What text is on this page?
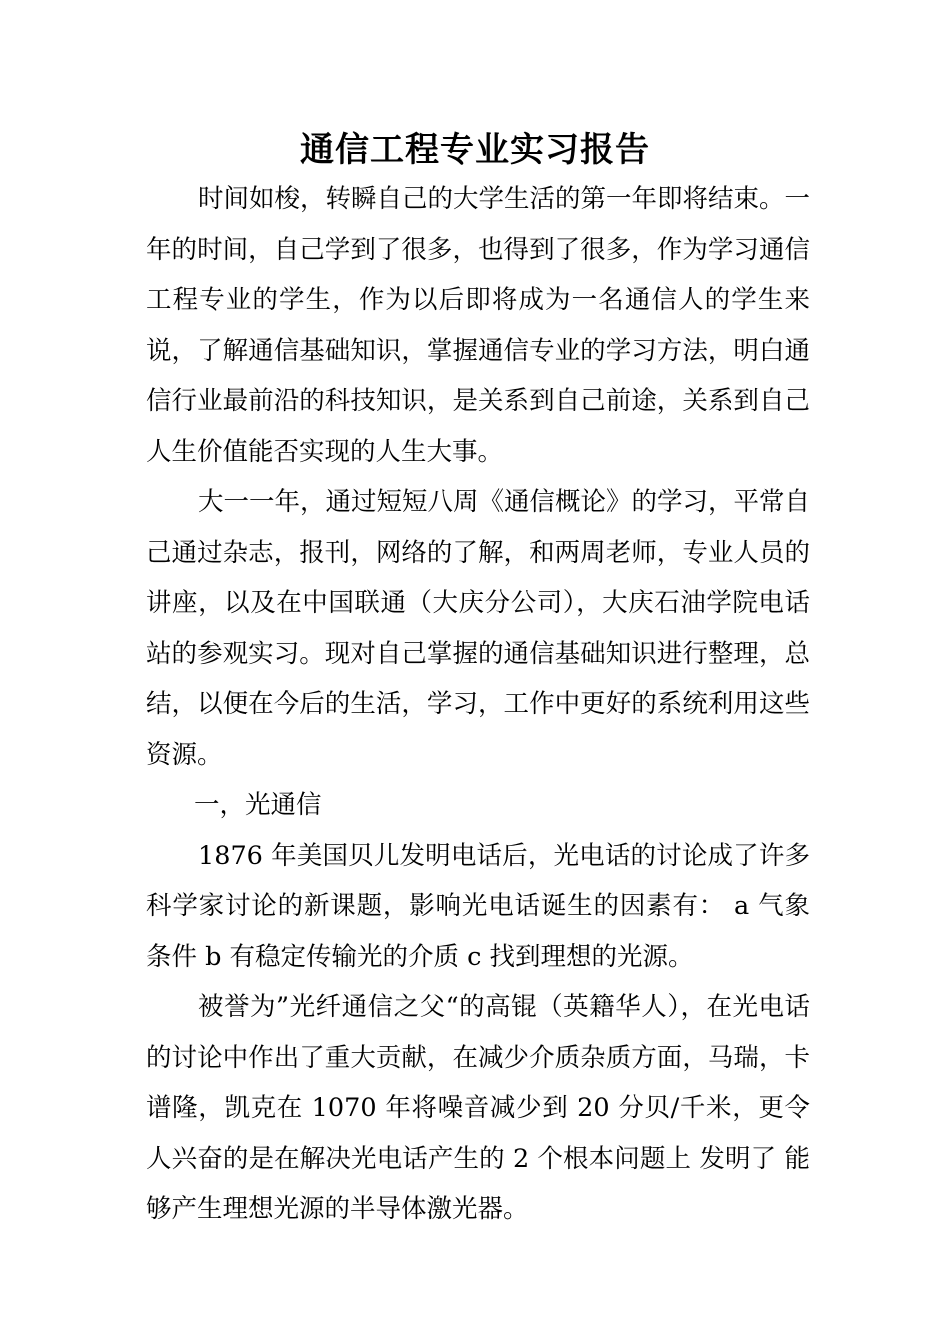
通信工程专业实习报告

时间如梭，转瞬自己的大学生活的第一年即将结束。一年的时间，自己学到了很多，也得到了很多，作为学习通信工程专业的学生，作为以后即将成为一名通信人的学生来说，了解通信基础知识，掌握通信专业的学习方法，明白通信行业最前沿的科技知识，是关系到自己前途，关系到自己人生价值能否实现的人生大事。

大一一年，通过短短八周《通信概论》的学习，平常自己通过杂志，报刊，网络的了解，和两周老师，专业人员的讲座，以及在中国联通（大庆分公司），大庆石油学院电话站的参观实习。现对自己掌握的通信基础知识进行整理，总结，以便在今后的生活，学习，工作中更好的系统利用这些资源。

一，光通信

1876 年美国贝儿发明电话后，光电话的讨论成了许多科学家讨论的新课题，影响光电话诞生的因素有： a 气象条件 b 有稳定传输光的介质 c 找到理想的光源。

被誉为”光纤通信之父“的高锟（英籍华人），在光电话的讨论中作出了重大贡献，在减少介质杂质方面，马瑞，卡谱隆，凯克在 1070 年将噪音减少到 20 分贝/千米，更令人兴奋的是在解决光电话产生的 2 个根本问题上 发明了 能够产生理想光源的半导体激光器。
